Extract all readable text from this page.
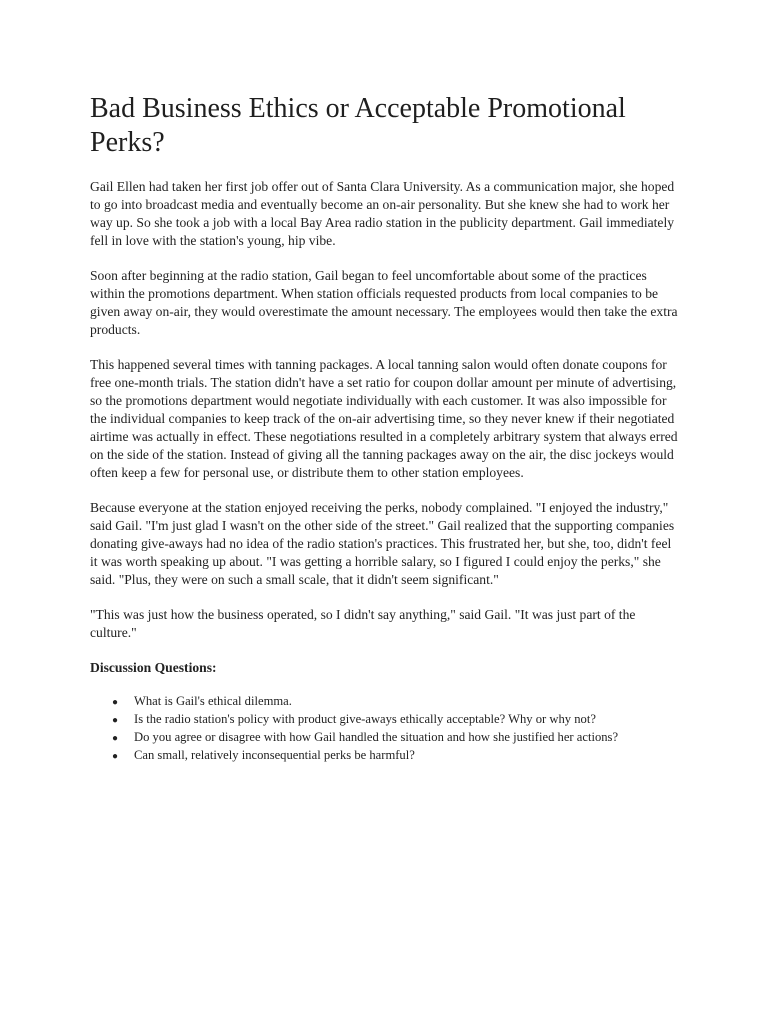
Bad Business Ethics or Acceptable Promotional Perks?

Gail Ellen had taken her first job offer out of Santa Clara University. As a communication major, she hoped to go into broadcast media and eventually become an on-air personality. But she knew she had to work her way up. So she took a job with a local Bay Area radio station in the publicity department. Gail immediately fell in love with the station's young, hip vibe.

Soon after beginning at the radio station, Gail began to feel uncomfortable about some of the practices within the promotions department. When station officials requested products from local companies to be given away on-air, they would overestimate the amount necessary. The employees would then take the extra products.

This happened several times with tanning packages. A local tanning salon would often donate coupons for free one-month trials. The station didn't have a set ratio for coupon dollar amount per minute of advertising, so the promotions department would negotiate individually with each customer. It was also impossible for the individual companies to keep track of the on-air advertising time, so they never knew if their negotiated airtime was actually in effect. These negotiations resulted in a completely arbitrary system that always erred on the side of the station. Instead of giving all the tanning packages away on the air, the disc jockeys would often keep a few for personal use, or distribute them to other station employees.

Because everyone at the station enjoyed receiving the perks, nobody complained. "I enjoyed the industry," said Gail. "I'm just glad I wasn't on the other side of the street." Gail realized that the supporting companies donating give-aways had no idea of the radio station's practices. This frustrated her, but she, too, didn't feel it was worth speaking up about. "I was getting a horrible salary, so I figured I could enjoy the perks," she said. "Plus, they were on such a small scale, that it didn't seem significant."

"This was just how the business operated, so I didn't say anything," said Gail. "It was just part of the culture."

Discussion Questions:
●	What is Gail's ethical dilemma.
●	Is the radio station's policy with product give-aways ethically acceptable? Why or why not?
●	Do you agree or disagree with how Gail handled the situation and how she justified her actions?
●	Can small, relatively inconsequential perks be harmful?
